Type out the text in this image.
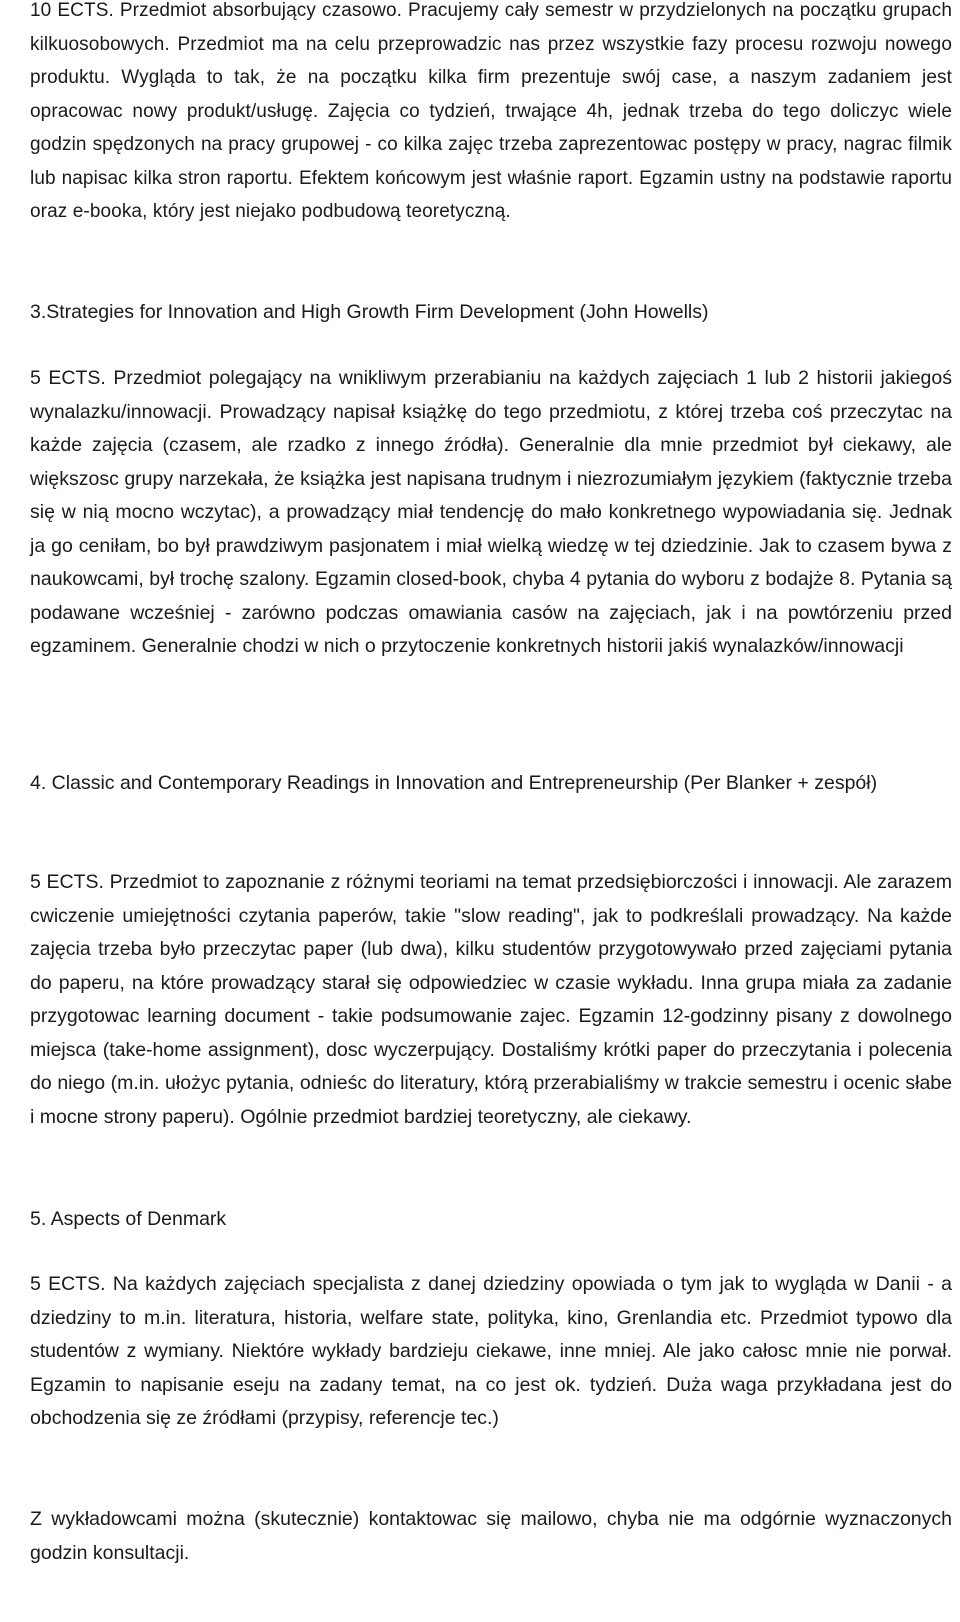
10 ECTS. Przedmiot absorbujący czasowo. Pracujemy cały semestr w przydzielonych na początku grupach kilkuosobowych. Przedmiot ma na celu przeprowadzic nas przez wszystkie fazy procesu rozwoju nowego produktu. Wygląda to tak, że na początku kilka firm prezentuje swój case, a naszym zadaniem jest opracowac nowy produkt/usługę. Zajęcia co tydzień, trwające 4h, jednak trzeba do tego doliczyc wiele godzin spędzonych na pracy grupowej - co kilka zajęc trzeba zaprezentowac postępy w pracy, nagrac filmik lub napisac kilka stron raportu. Efektem końcowym jest właśnie raport. Egzamin ustny na podstawie raportu oraz e-booka, który jest niejako podbudową teoretyczną.

3.Strategies for Innovation and High Growth Firm Development (John Howells)

5 ECTS. Przedmiot polegający na wnikliwym przerabianiu na każdych zajęciach 1 lub 2 historii jakiegoś wynalazku/innowacji. Prowadzący napisał książkę do tego przedmiotu, z której trzeba coś przeczytac na każde zajęcia (czasem, ale rzadko z innego źródła). Generalnie dla mnie przedmiot był ciekawy, ale większosc grupy narzekała, że książka jest napisana trudnym i niezrozumiałym językiem (faktycznie trzeba się w nią mocno wczytac), a prowadzący miał tendencję do mało konkretnego wypowiadania się. Jednak ja go ceniłam, bo był prawdziwym pasjonatem i miał wielką wiedzę w tej dziedzinie. Jak to czasem bywa z naukowcami, był trochę szalony. Egzamin closed-book, chyba 4 pytania do wyboru z bodajże 8. Pytania są podawane wcześniej - zarówno podczas omawiania casów na zajęciach, jak i na powtórzeniu przed egzaminem. Generalnie chodzi w nich o przytoczenie konkretnych historii jakiś wynalazków/innowacji

4. Classic and Contemporary Readings in Innovation and Entrepreneurship (Per Blanker + zespół)

5 ECTS. Przedmiot to zapoznanie z różnymi teoriami na temat przedsiębiorczości i innowacji. Ale zarazem cwiczenie umiejętności czytania paperów, takie "slow reading", jak to podkreślali prowadzący. Na każde zajęcia trzeba było przeczytac paper (lub dwa), kilku studentów przygotowywało przed zajęciami pytania do paperu, na które prowadzący starał się odpowiedziec w czasie wykładu. Inna grupa miała za zadanie przygotowac learning document - takie podsumowanie zajec. Egzamin 12-godzinny pisany z dowolnego miejsca (take-home assignment), dosc wyczerpujący. Dostaliśmy krótki paper do przeczytania i polecenia do niego (m.in. ułożyc pytania, odnieśc do literatury, którą przerabialiśmy w trakcie semestru i ocenic słabe i mocne strony paperu). Ogólnie przedmiot bardziej teoretyczny, ale ciekawy.

5. Aspects of Denmark

5 ECTS. Na każdych zajęciach specjalista z danej dziedziny opowiada o tym jak to wygląda w Danii - a dziedziny to m.in. literatura, historia, welfare state, polityka, kino, Grenlandia etc. Przedmiot typowo dla studentów z wymiany. Niektóre wykłady bardzieju ciekawe, inne mniej. Ale jako całosc mnie nie porwał. Egzamin to napisanie eseju na zadany temat, na co jest ok. tydzień. Duża waga przykładana jest do obchodzenia się ze źródłami (przypisy, referencje tec.)

Z wykładowcami można (skutecznie) kontaktowac się mailowo, chyba nie ma odgórnie wyznaczonych godzin konsultacji.
